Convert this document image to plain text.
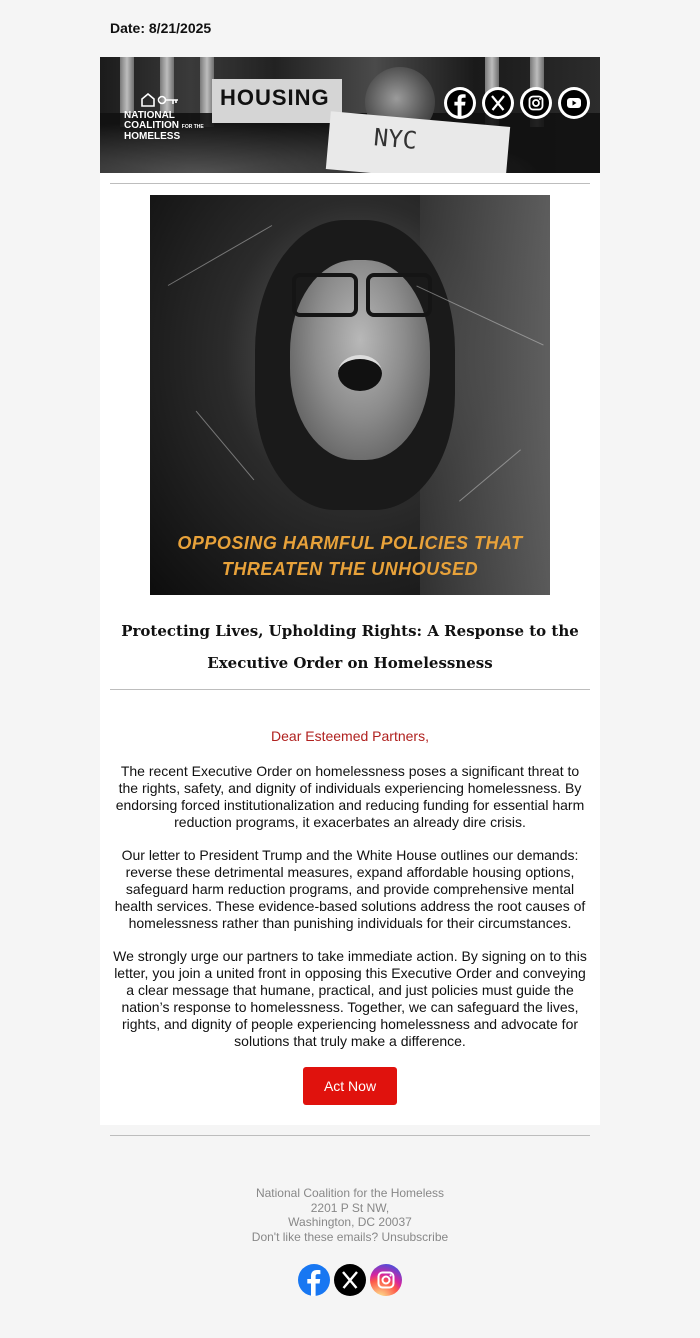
Date: 8/21/2025
HOUSING
NYC
NATIONAL
COALITION FOR THE
HOMELESS
OPPOSING HARMFUL POLICIES THAT
THREATEN THE UNHOUSED
Protecting Lives, Upholding Rights: A Response to the Executive Order on Homelessness
Dear Esteemed Partners,

The recent Executive Order on homelessness poses a significant threat to the rights, safety, and dignity of individuals experiencing homelessness. By endorsing forced institutionalization and reducing funding for essential harm reduction programs, it exacerbates an already dire crisis.

Our letter to President Trump and the White House outlines our demands: reverse these detrimental measures, expand affordable housing options, safeguard harm reduction programs, and provide comprehensive mental health services. These evidence-based solutions address the root causes of homelessness rather than punishing individuals for their circumstances.

We strongly urge our partners to take immediate action. By signing on to this letter, you join a united front in opposing this Executive Order and conveying a clear message that humane, practical, and just policies must guide the nation’s response to homelessness. Together, we can safeguard the lives, rights, and dignity of people experiencing homelessness and advocate for solutions that truly make a difference.

Act Now
National Coalition for the Homeless
2201 P St NW,
Washington, DC 20037
Don't like these emails? Unsubscribe
